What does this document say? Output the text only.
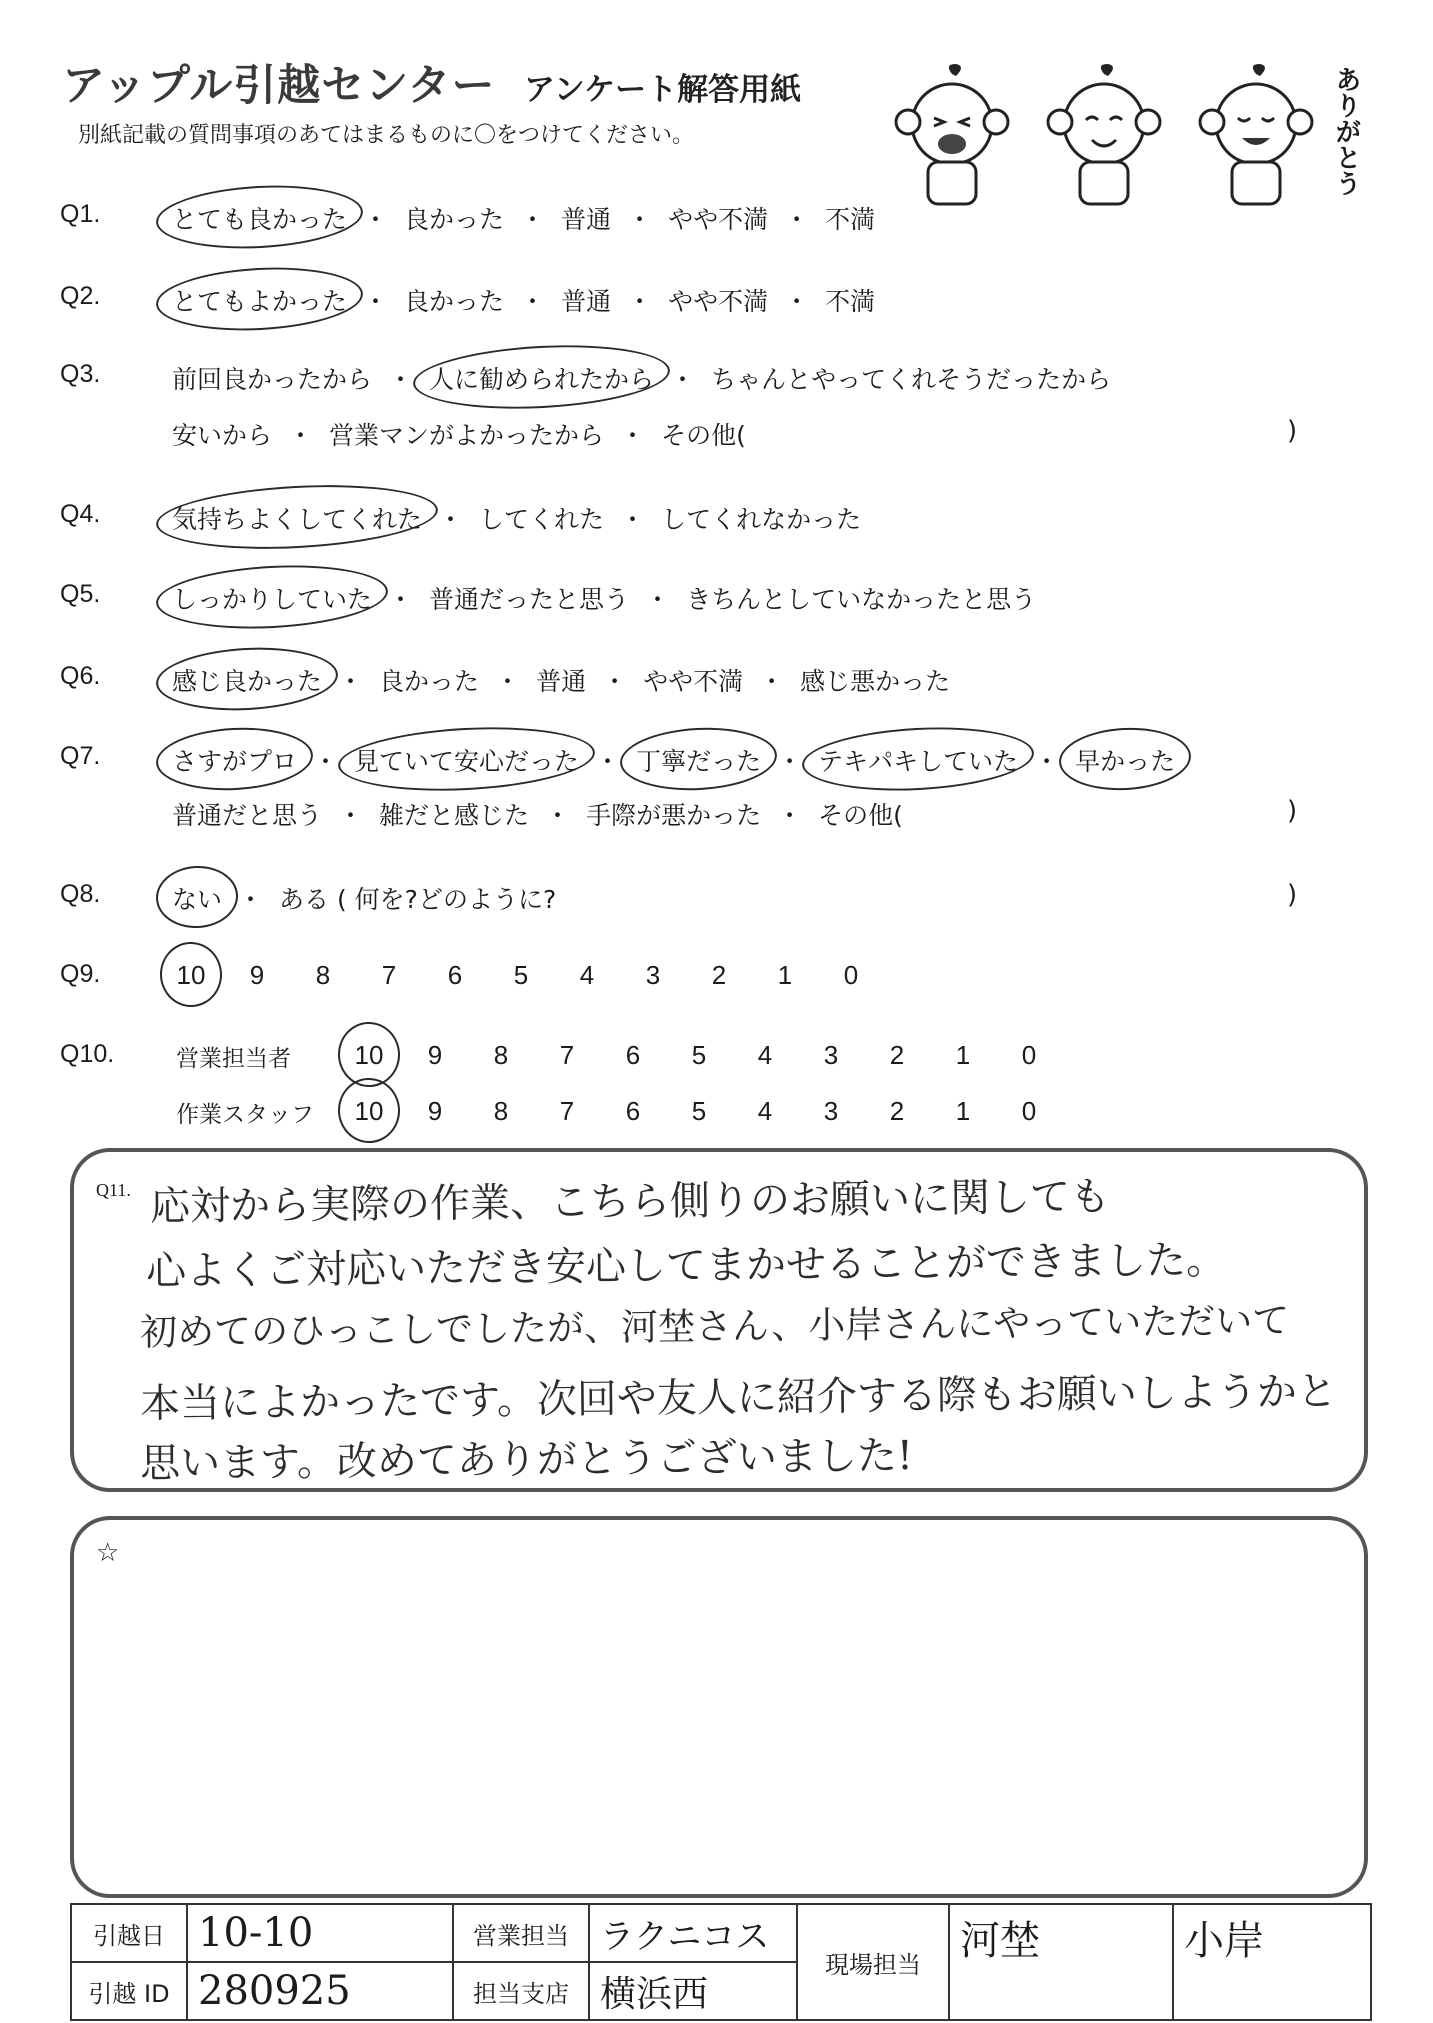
アップル引越センター アンケート解答用紙
別紙記載の質問事項のあてはまるものに〇をつけてください。	ありがとう
Q1.	とても良かった ・ 良かった ・ 普通 ・ やや不満 ・ 不満
Q2.	とてもよかった ・ 良かった ・ 普通 ・ やや不満 ・ 不満
Q3.	前回良かったから ・ 人に勧められたから ・ ちゃんとやってくれそうだったから
安いから ・ 営業マンがよかったから ・ その他(	)
Q4.	気持ちよくしてくれた ・ してくれた ・ してくれなかった
Q5.	しっかりしていた ・ 普通だったと思う ・ きちんとしていなかったと思う
Q6.	感じ良かった ・ 良かった ・ 普通 ・ やや不満 ・ 感じ悪かった
Q7.	さすがプロ ・ 見ていて安心だった ・ 丁寧だった ・ テキパキしていた ・ 早かった
普通だと思う ・ 雑だと感じた ・ 手際が悪かった ・ その他(	)
Q8.	ない ・ ある ( 何を?どのように?	)
Q9.	10 9 8 7 6 5 4 3 2 1 0
Q10.	営業担当者	10 9 8 7 6 5 4 3 2 1 0
作業スタッフ	10 9 8 7 6 5 4 3 2 1 0
Q11. 応対から実際の作業、こちら側りのお願いに関しても
心よくご対応いただき安心してまかせることができました。
初めてのひっこしでしたが、河埜さん、小岸さんにやっていただいて
本当によかったです。次回や友人に紹介する際もお願いしようかと
思います。改めてありがとうございました!
☆
引越日	10-10	営業担当	ラクニコス	現場担当	河埜	小岸
引越 ID	280925	担当支店	横浜西			
